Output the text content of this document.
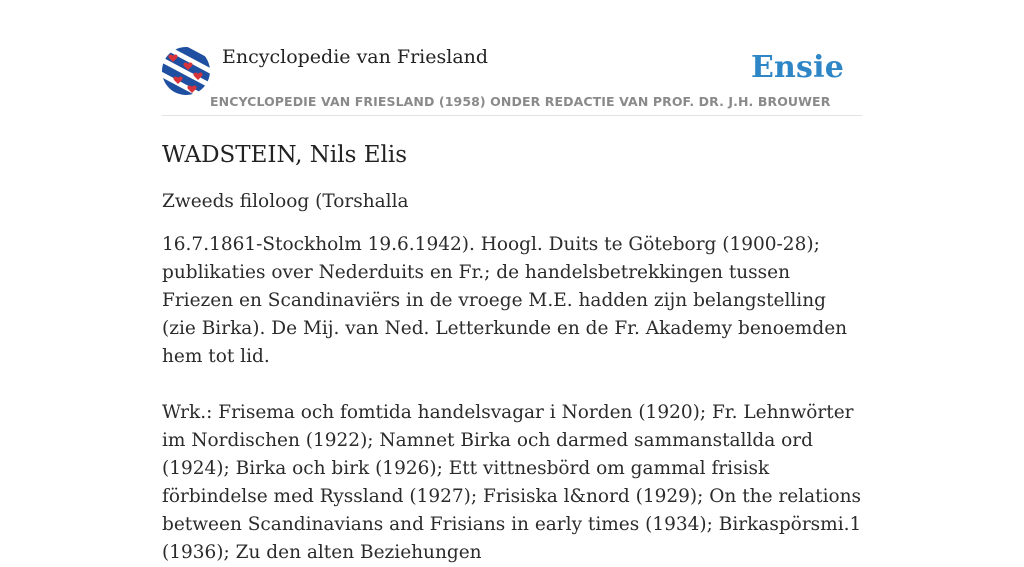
Encyclopedie van Friesland	Ensie
ENCYCLOPEDIE VAN FRIESLAND (1958) ONDER REDACTIE VAN PROF. DR. J.H. BROUWER
WADSTEIN, Nils Elis

Zweeds filoloog (Torshalla

16.7.1861-Stockholm 19.6.1942). Hoogl. Duits te Göteborg (1900-28); publikaties over Nederduits en Fr.; de handelsbetrekkingen tussen Friezen en Scandinaviërs in de vroege M.E. hadden zijn belangstelling (zie Birka). De Mij. van Ned. Letterkunde en de Fr. Akademy benoemden hem tot lid.

Wrk.: Frisema och fomtida handelsvagar i Norden (1920); Fr. Lehnwörter im Nordischen (1922); Namnet Birka och darmed sammanstallda ord (1924); Birka och birk (1926); Ett vittnesbörd om gammal frisisk förbindelse med Ryssland (1927); Frisiska l&nord (1929); On the relations between Scandinavians and Frisians in early times (1934); Birkaspörsmi.1 (1936); Zu den alten Beziehungen
